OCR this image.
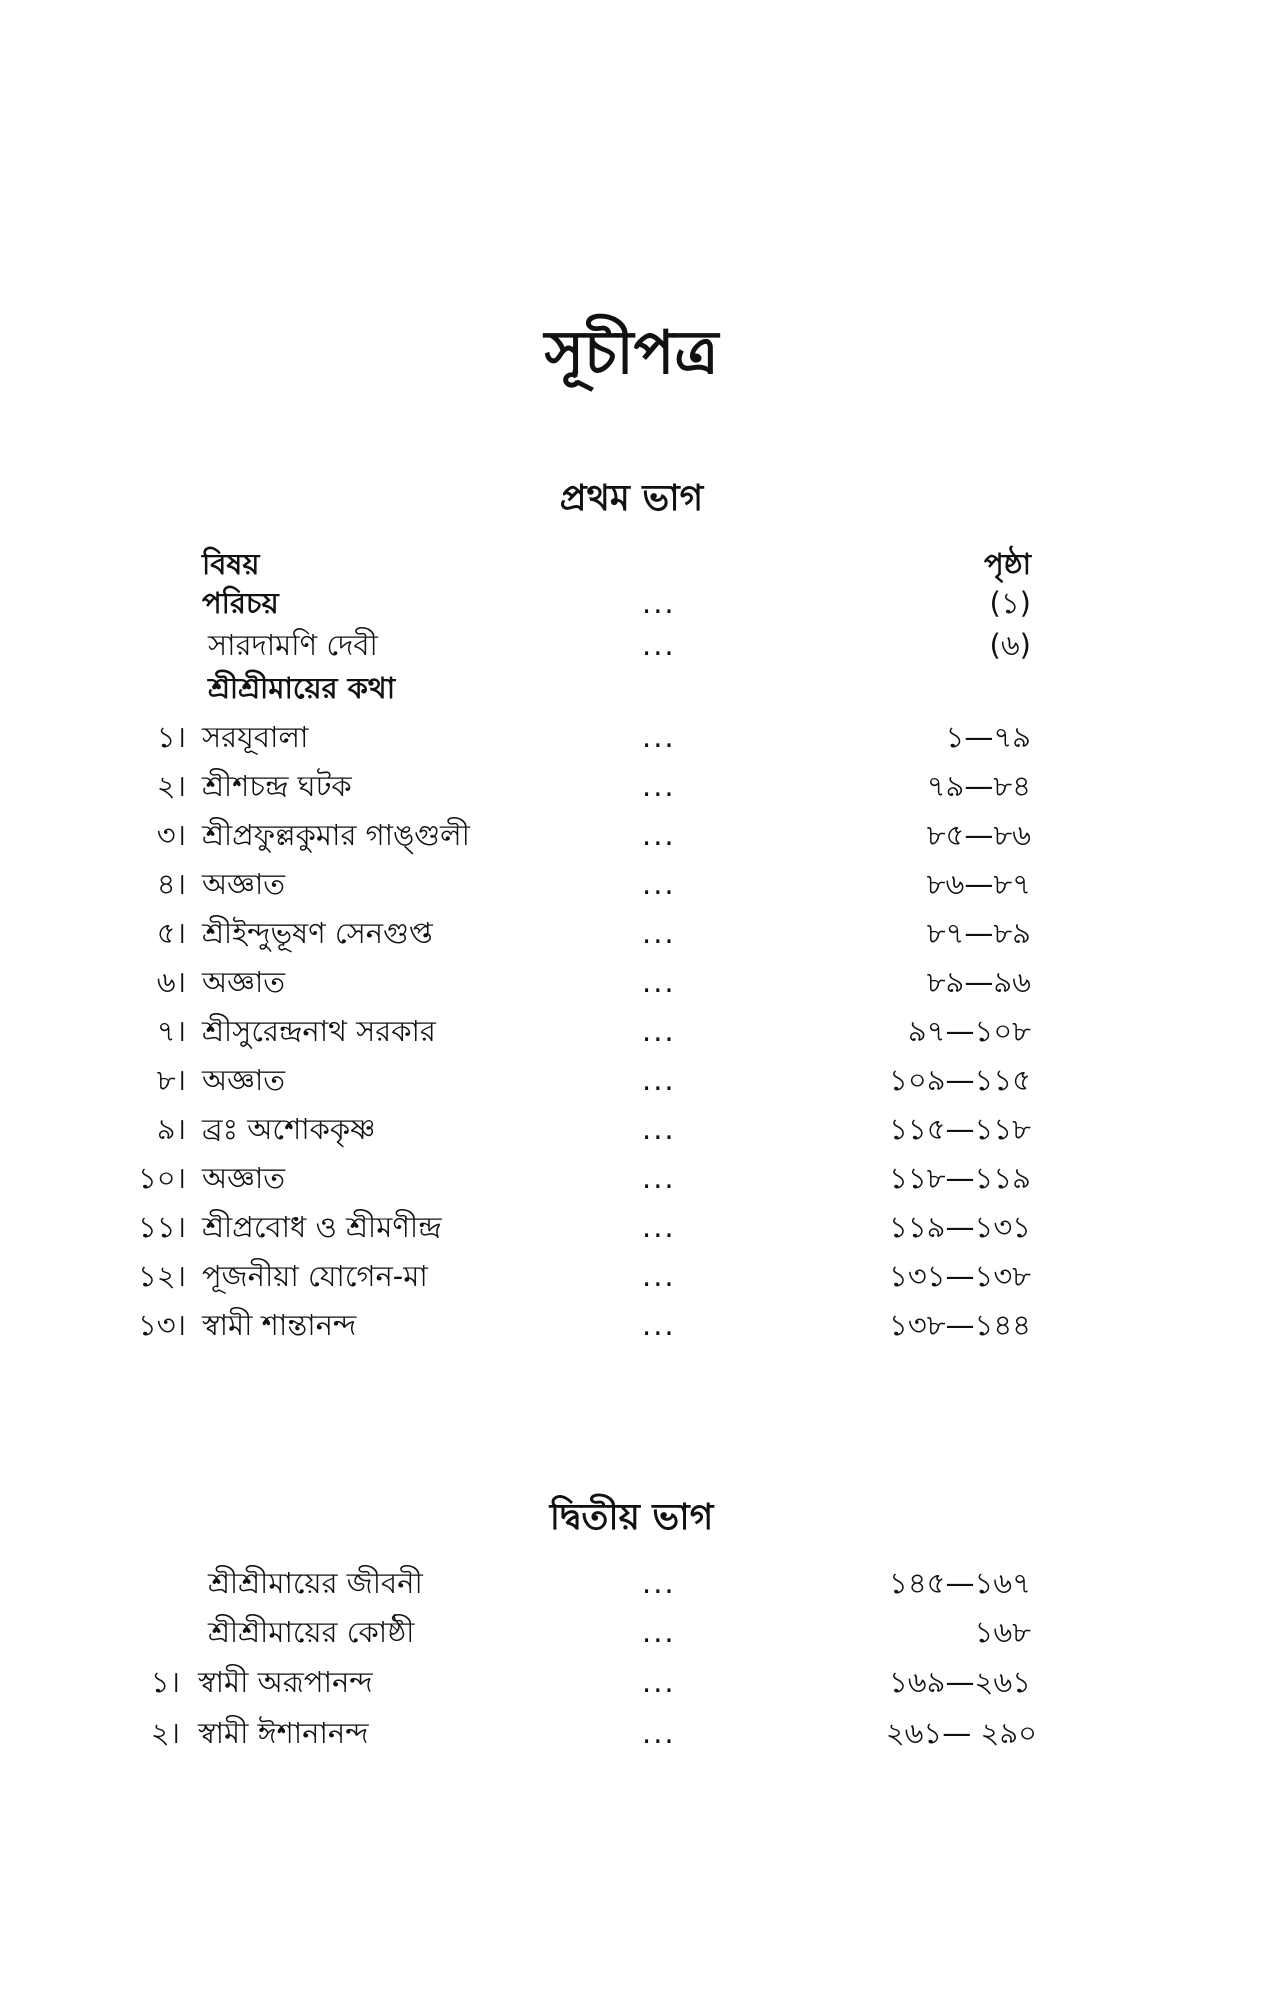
সূচীপত্র
প্রথম ভাগ
বিষয়	পৃষ্ঠা
পরিচয়	...	(১)
সারদামণি দেবী	...	(৬)
শ্রীশ্রীমায়ের কথা
১। সরযূবালা	...	১—৭৯
২। শ্রীশচন্দ্র ঘটক	...	৭৯—৮৪
৩। শ্রীপ্রফুল্লকুমার গাঙ্গুলী	...	৮৫—৮৬
৪। অজ্ঞাত	...	৮৬—৮৭
৫। শ্রীইন্দুভূষণ সেনগুপ্ত	...	৮৭—৮৯
৬। অজ্ঞাত	...	৮৯—৯৬
৭। শ্রীসুরেন্দ্রনাথ সরকার	...	৯৭—১০৮
৮। অজ্ঞাত	...	১০৯—১১৫
৯। ব্রঃ অশোককৃষ্ণ	...	১১৫—১১৮
১০। অজ্ঞাত	...	১১৮—১১৯
১১। শ্রীপ্রবোধ ও শ্রীমণীন্দ্র	...	১১৯—১৩১
১২। পূজনীয়া যোগেন-মা	...	১৩১—১৩৮
১৩। স্বামী শান্তানন্দ	...	১৩৮—১৪৪
দ্বিতীয় ভাগ
শ্রীশ্রীমায়ের জীবনী	...	১৪৫—১৬৭
শ্রীশ্রীমায়ের কোষ্ঠী	...	১৬৮
১। স্বামী অরূপানন্দ	...	১৬৯—২৬১
২। স্বামী ঈশানানন্দ	...	২৬১— ২৯০
